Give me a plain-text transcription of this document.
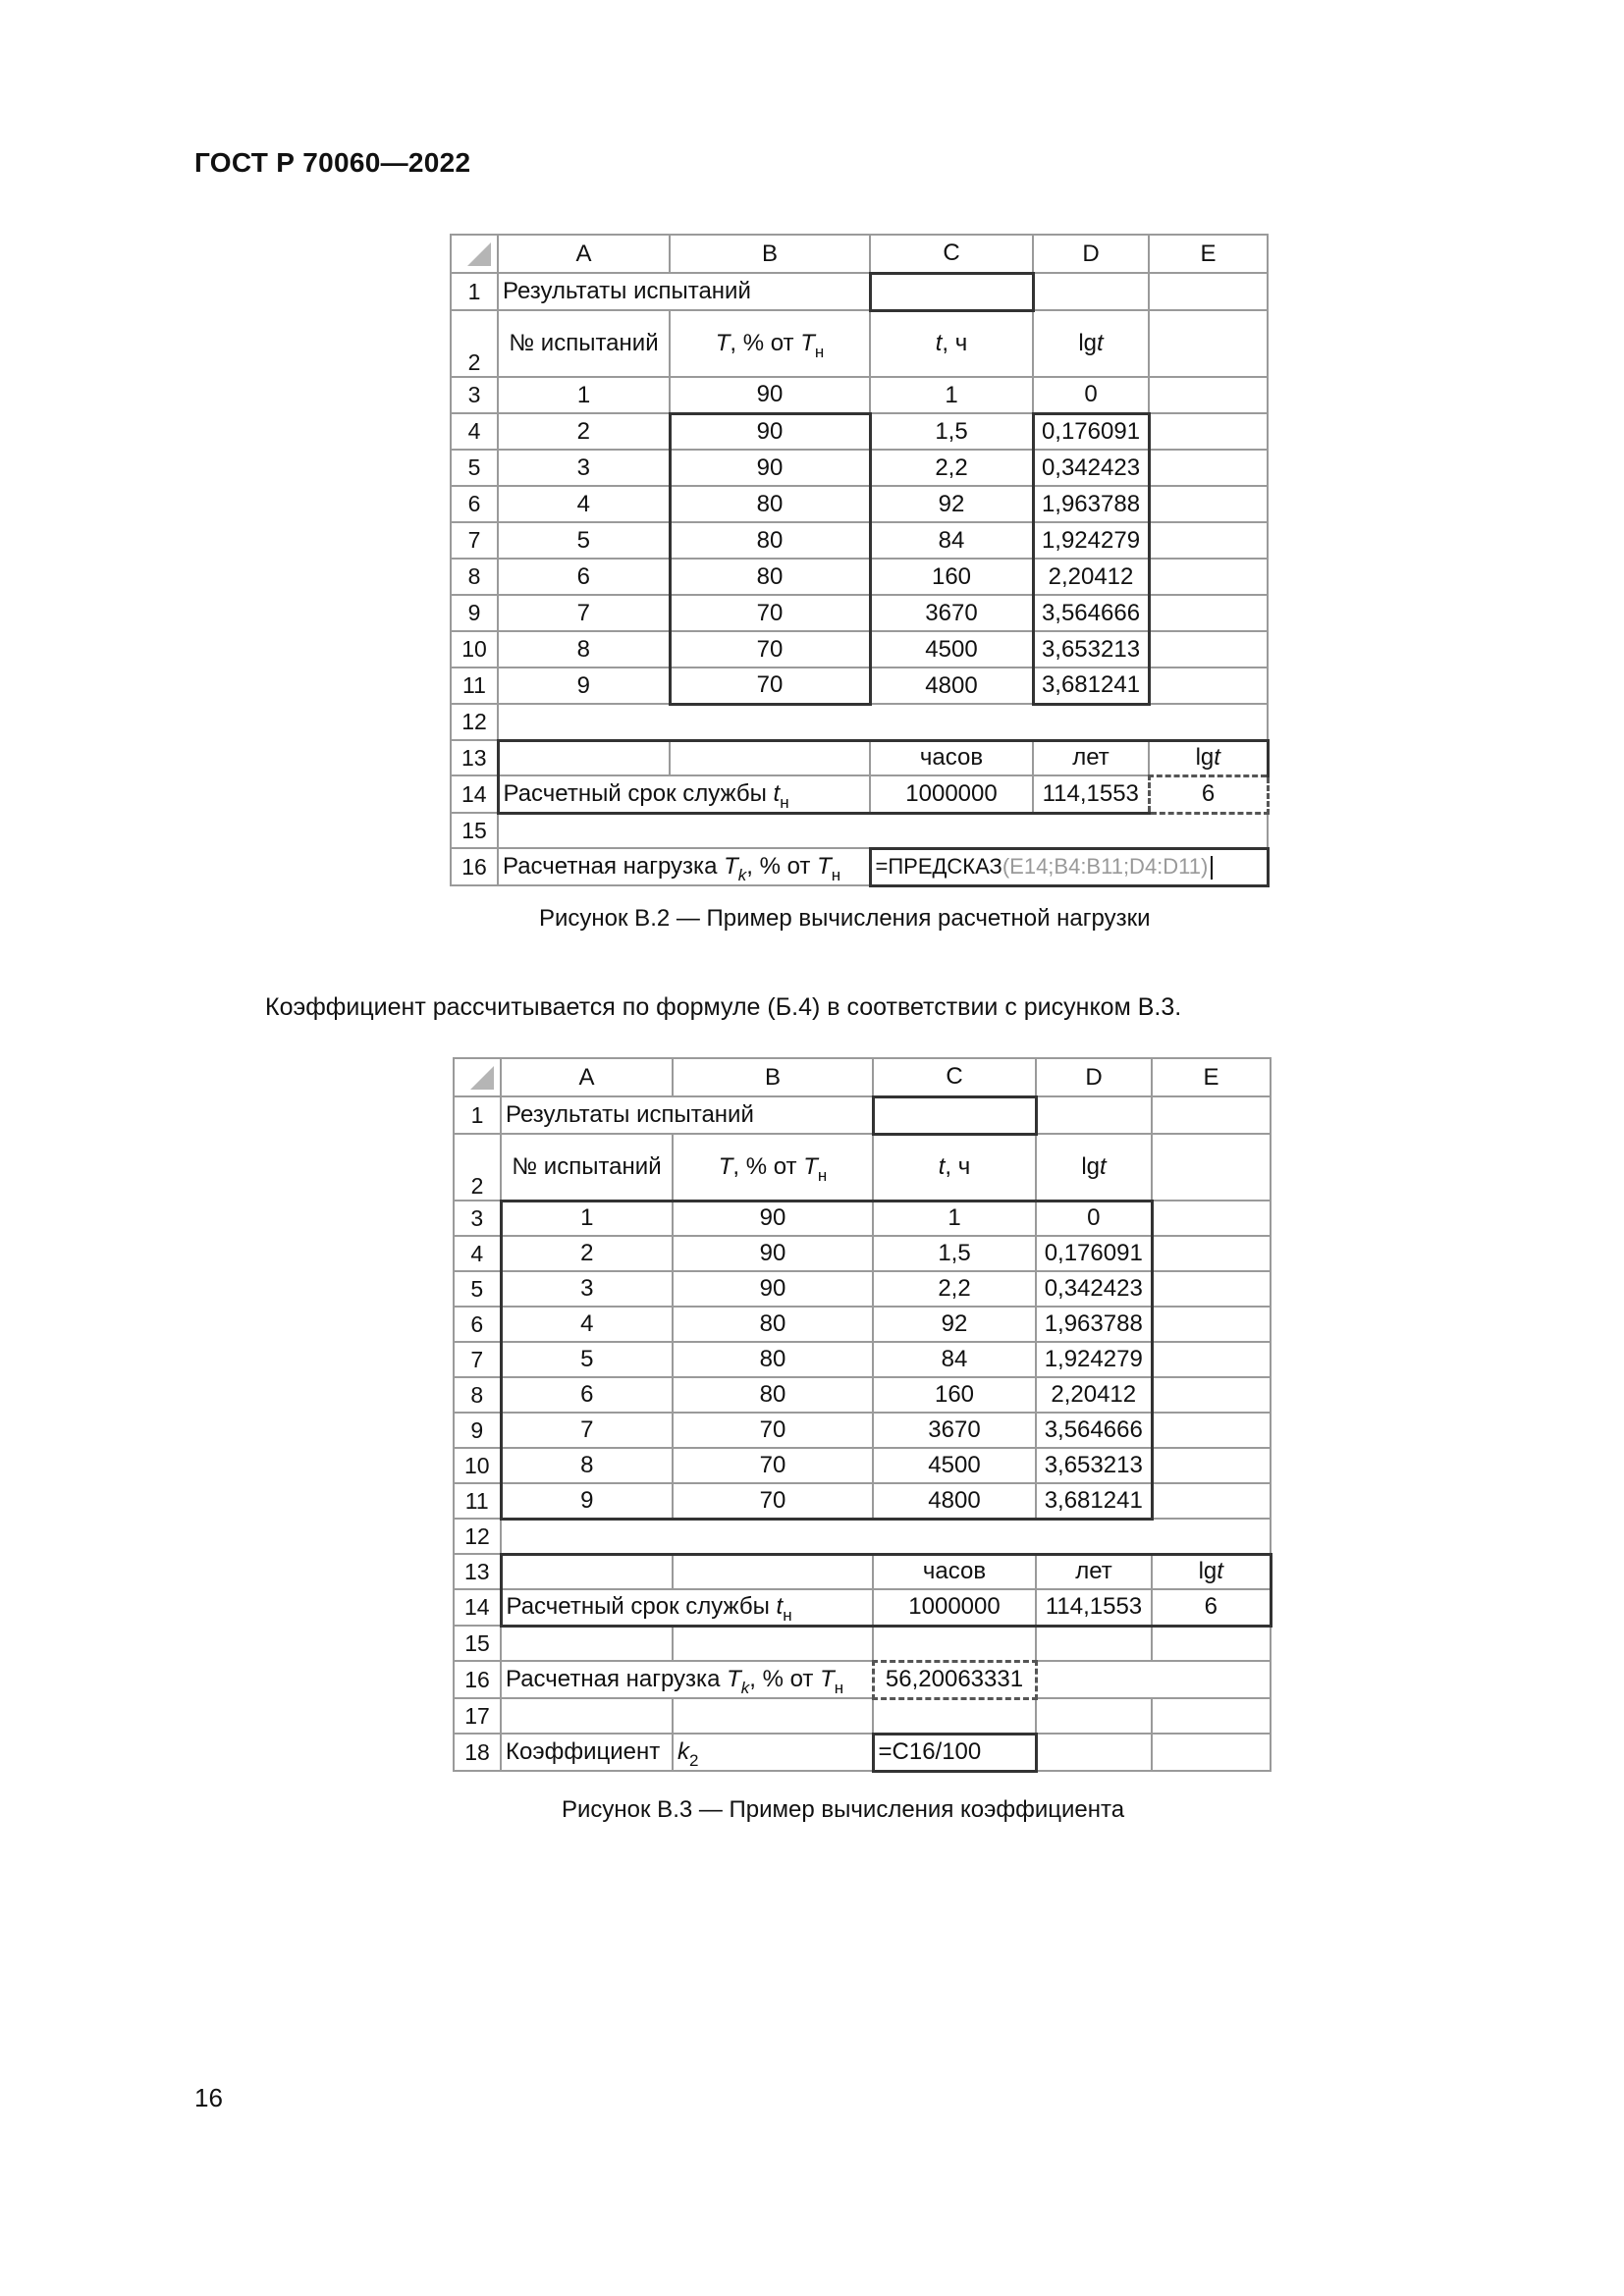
ГОСТ Р 70060—2022
	A	B	C	D	E
1	Результаты испытаний				
2	№ испытаний	T, % от $T_н$	t, ч	lgt	
3	1	90	1	0	
4	2	90	1,5	0,176091	
5	3	90	2,2	0,342423	
6	4	80	92	1,963788	
7	5	80	84	1,924279	
8	6	80	160	2,20412	
9	7	70	3670	3,564666	
10	8	70	4500	3,653213	
11	9	70	4800	3,681241	
12					
13			часов	лет	lgt
14	Расчетный срок службы $t_н$		1000000	114,1553	6
15					
16	Расчетная нагрузка $T_k$, % от $T_н$		=ПРЕДСКАЗ(E14;B4:B11;D4:D11)		
Рисунок В.2 — Пример вычисления расчетной нагрузки
Коэффициент рассчитывается по формуле (Б.4) в соответствии с рисунком В.3.
	A	B	C	D	E
1	Результаты испытаний				
2	№ испытаний	T, % от $T_н$	t, ч	lgt	
3	1	90	1	0	
4	2	90	1,5	0,176091	
5	3	90	2,2	0,342423	
6	4	80	92	1,963788	
7	5	80	84	1,924279	
8	6	80	160	2,20412	
9	7	70	3670	3,564666	
10	8	70	4500	3,653213	
11	9	70	4800	3,681241	
12					
13			часов	лет	lgt
14	Расчетный срок службы $t_н$		1000000	114,1553	6
15					
16	Расчетная нагрузка $T_k$, % от $T_н$		56,20063331		
17					
18	Коэффициент	$k_2$	=C16/100		
Рисунок В.3 — Пример вычисления коэффициента
16
